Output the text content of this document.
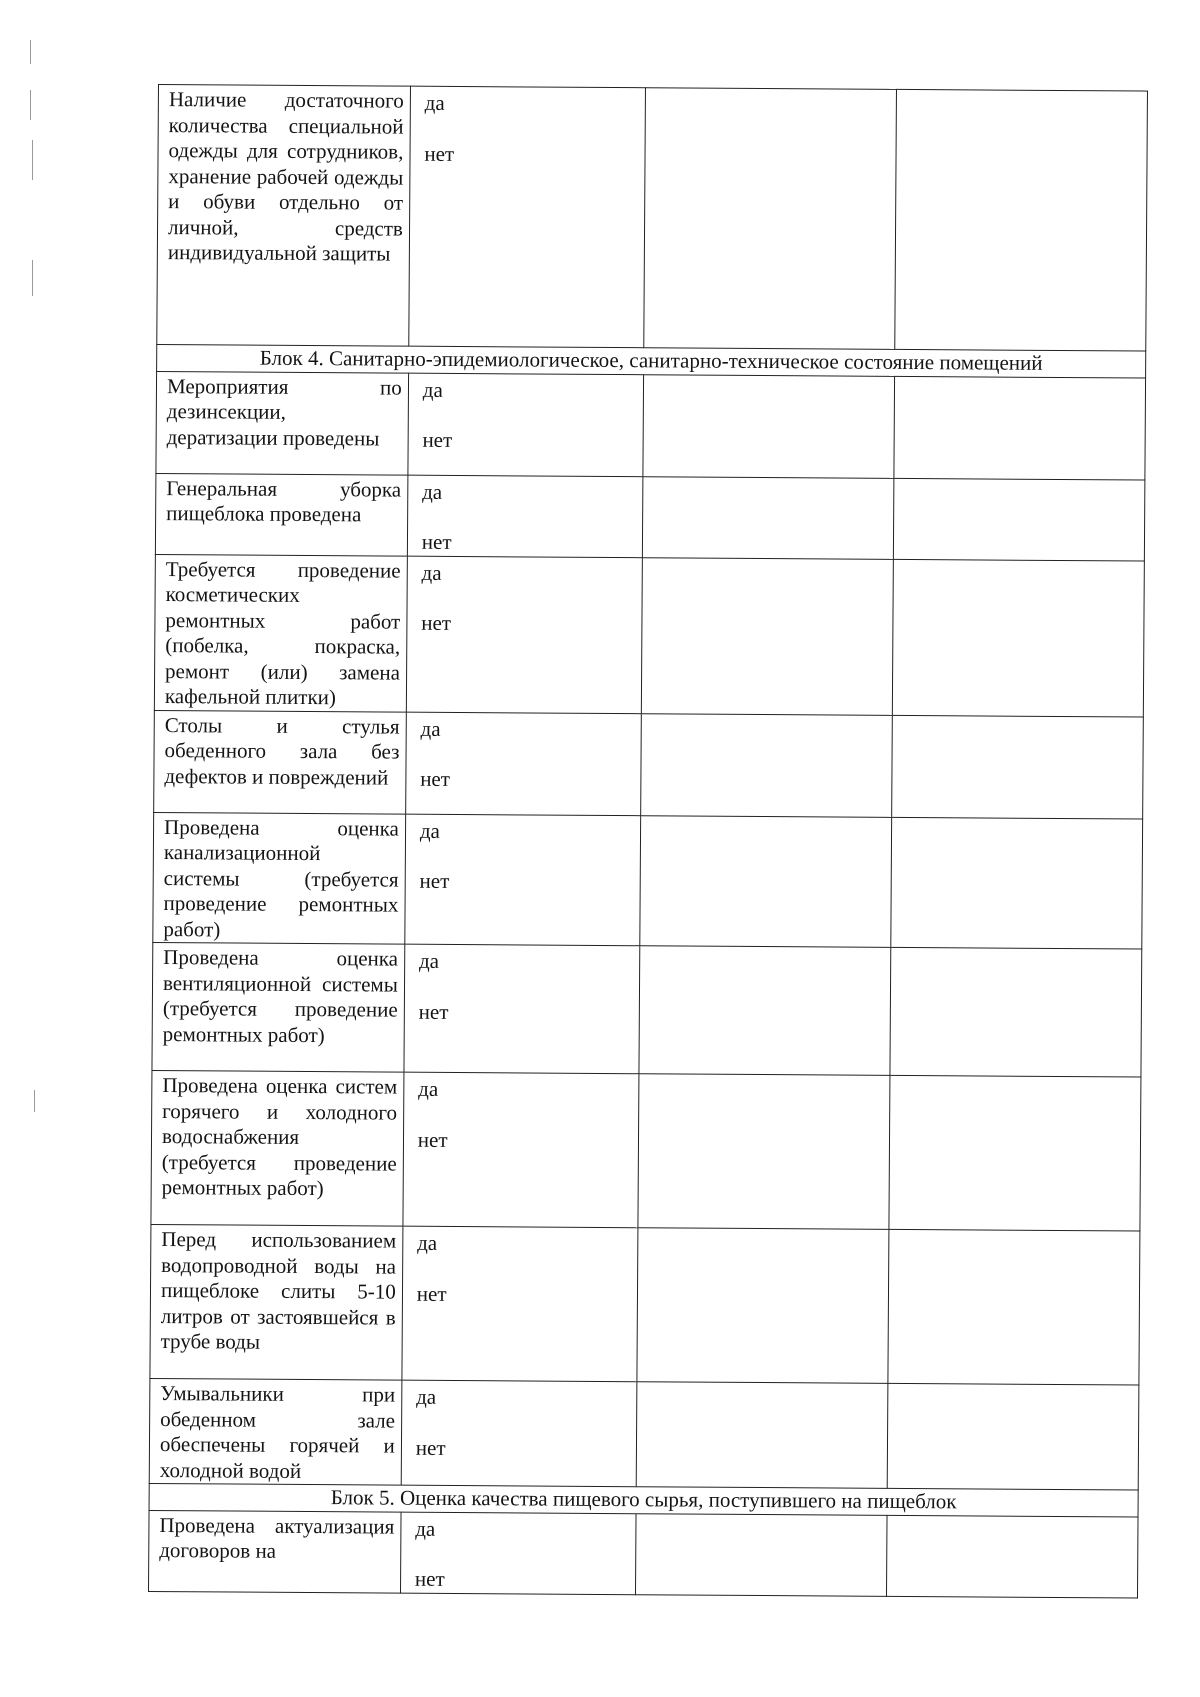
Наличие достаточного количества специальной одежды для сотрудников, хранение рабочей одежды и обуви отдельно от личной, средств индивидуальной защиты	да
нет		

Блок 4. Санитарно-эпидемиологическое, санитарно-техническое состояние помещений			
Мероприятия по дезинсекции, дератизации проведены	да
нет		

Генеральная уборка пищеблока проведена	да
нет		

Требуется проведение косметических ремонтных работ (побелка, покраска, ремонт (или) замена кафельной плитки)	да
нет		

Столы и стулья обеденного зала без дефектов и повреждений	да
нет		

Проведена оценка канализационной системы (требуется проведение ремонтных работ)	да
нет		

Проведена оценка вентиляционной системы (требуется проведение ремонтных работ)	да
нет		

Проведена оценка систем горячего и холодного водоснабжения (требуется проведение ремонтных работ)	да
нет		

Перед использованием водопроводной воды на пищеблоке слиты 5-10 литров от застоявшейся в трубе воды	да
нет		

Умывальники при обеденном зале обеспечены горячей и холодной водой	да
нет		

Блок 5. Оценка качества пищевого сырья, поступившего на пищеблок			
Проведена актуализация договоров на	да
нет		
